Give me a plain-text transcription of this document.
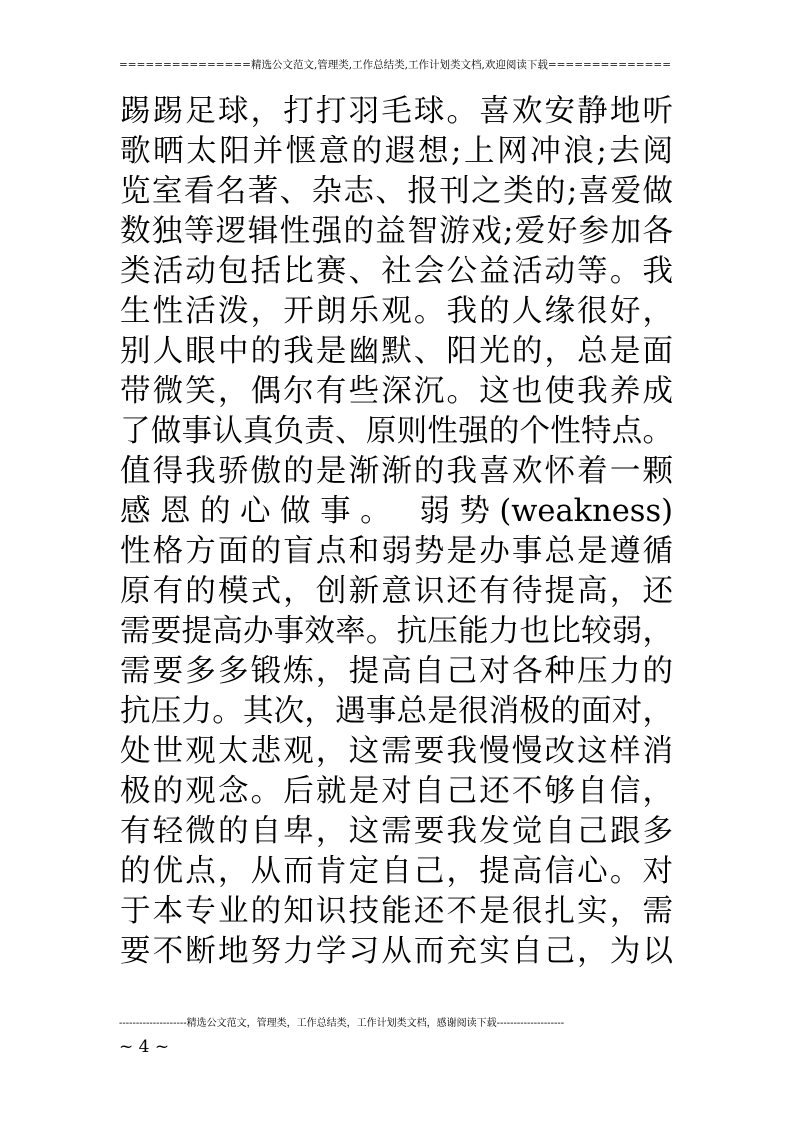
===============精选公文范文,管理类,工作总结类,工作计划类文档,欢迎阅读下载==============
踢踢足球，打打羽毛球。喜欢安静地听
歌晒太阳并惬意的遐想;上网冲浪;去阅
览室看名著、杂志、报刊之类的;喜爱做
数独等逻辑性强的益智游戏;爱好参加各
类活动包括比赛、社会公益活动等。我
生性活泼，开朗乐观。我的人缘很好，
别人眼中的我是幽默、阳光的，总是面
带微笑，偶尔有些深沉。这也使我养成
了做事认真负责、原则性强的个性特点。
值得我骄傲的是渐渐的我喜欢怀着一颗
感恩的心做事。 弱势(weakness)
性格方面的盲点和弱势是办事总是遵循
原有的模式，创新意识还有待提高，还
需要提高办事效率。抗压能力也比较弱，
需要多多锻炼，提高自己对各种压力的
抗压力。其次，遇事总是很消极的面对，
处世观太悲观，这需要我慢慢改这样消
极的观念。后就是对自己还不够自信，
有轻微的自卑，这需要我发觉自己跟多
的优点，从而肯定自己，提高信心。对
于本专业的知识技能还不是很扎实，需
要不断地努力学习从而充实自己，为以
--------------------精选公文范文，管理类，工作总结类，工作计划类文档，感谢阅读下载--------------------
~ 4 ~
